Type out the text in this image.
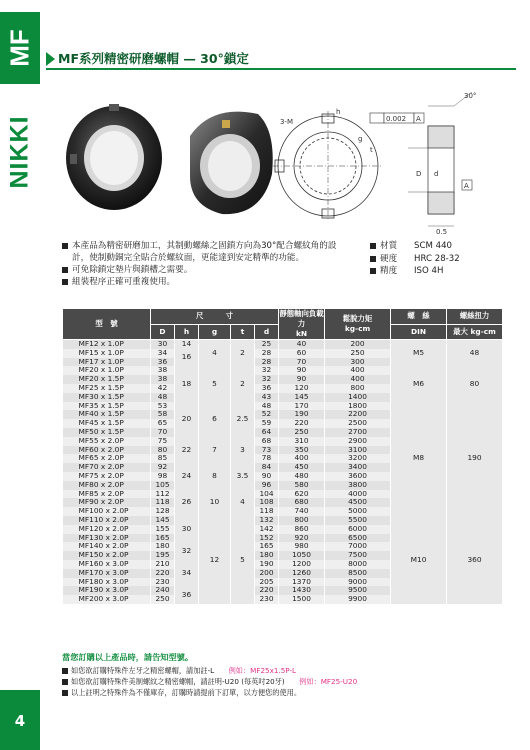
MF
NIKKI
4
MF系列精密研磨螺帽 — 30°鎖定
3-M
h
g
t
0.002 A
30°
D d
0.5
A
本產品為精密研磨加工，其制動螺絲之固鎖方向為30°配合螺紋角的設計，使制動銅完全貼合於螺紋面，更能達到安定精準的功能。
可免除鎖定墊片與鎖槽之需要。
組裝程序正確可重複使用。
材質 SCM 440
硬度 HRC 28-32
精度 ISO 4H
型　號	尺　　　寸					靜態軸向負載力
kN	鬆脫力矩
kg-cm	螺　絲	螺絲扭力
	D	h	g	t	d			DIN	最大 kg-cm
MF12 x 1.0P	30	14	4	2	25	40	200	M5	48
MF15 x 1.0P	34	16			28	60	250		
MF17 x 1.0P	36				28	70	300		
MF20 x 1.0P	38	18	5	2	32	90	400	M6	80
MF20 x 1.5P	38				32	90	400		
MF25 x 1.5P	42				36	120	800		
MF30 x 1.5P	48				43	145	1400		
MF35 x 1.5P	53	20	6	2.5	48	170	1800	M8	190
MF40 x 1.5P	58				52	190	2200		
MF45 x 1.5P	65				59	220	2500		
MF50 x 1.5P	70				64	250	2700		
MF55 x 2.0P	75	22	7	3	68	310	2900		
MF60 x 2.0P	80				73	350	3100		
MF65 x 2.0P	85				78	400	3200		
MF70 x 2.0P	92	24	8	3.5	84	450	3400		
MF75 x 2.0P	98				90	480	3600		
MF80 x 2.0P	105				96	580	3800		
MF85 x 2.0P	112	26	10	4	104	620	4000		
MF90 x 2.0P	118				108	680	4500		
MF100 x 2.0P	128				118	740	5000		
MF110 x 2.0P	145	30	12	5	132	800	5500	M10	360
MF120 x 2.0P	155				142	860	6000		
MF130 x 2.0P	165				152	920	6500		
MF140 x 2.0P	180	32			165	980	7000		
MF150 x 2.0P	195				180	1050	7500		
MF160 x 3.0P	210	34			190	1200	8000		
MF170 x 3.0P	220				200	1260	8500		
MF180 x 3.0P	230				205	1370	9000		
MF190 x 3.0P	240	36			220	1430	9500		
MF200 x 3.0P	250				230	1500	9900		
當您訂購以上產品時，請告知型號。
如您欲訂購特殊件左牙之精密螺帽，請加註-L　　 例如：MF25x1.5P-L
如您欲訂購特殊件美制螺紋之精密螺帽，請註明-U20 (每英吋20牙)　　 例如：MF25-U20
以上註明之特殊件為不僅庫存，訂購時請提前下訂單，以方便您的使用。
